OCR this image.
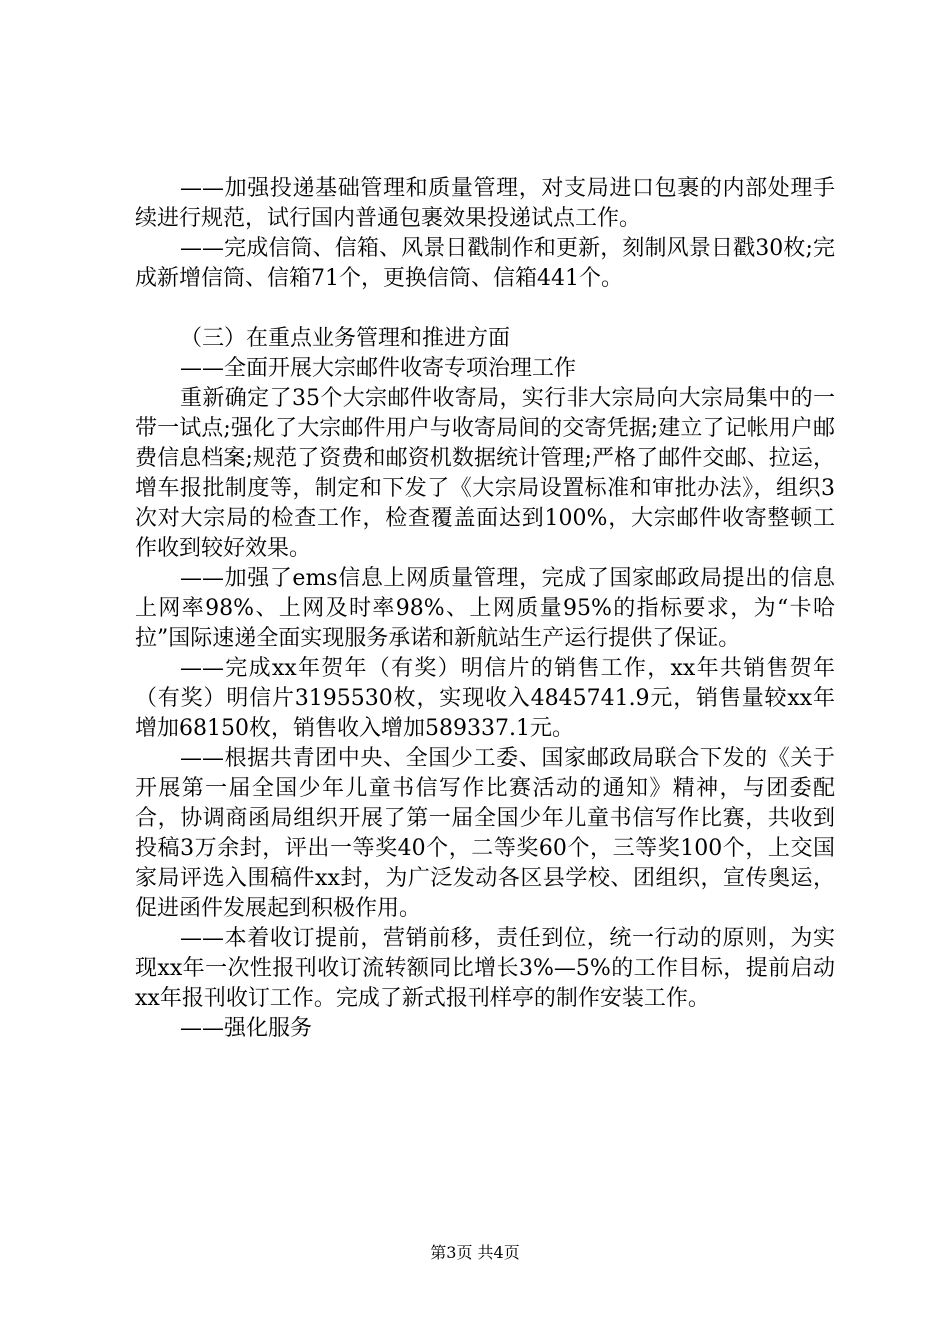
——加强投递基础管理和质量管理，对支局进口包裹的内部处理手续进行规范，试行国内普通包裹效果投递试点工作。

——完成信筒、信箱、风景日戳制作和更新，刻制风景日戳30枚;完成新增信筒、信箱71个，更换信筒、信箱441个。

（三）在重点业务管理和推进方面

——全面开展大宗邮件收寄专项治理工作

重新确定了35个大宗邮件收寄局，实行非大宗局向大宗局集中的一带一试点;强化了大宗邮件用户与收寄局间的交寄凭据;建立了记帐用户邮费信息档案;规范了资费和邮资机数据统计管理;严格了邮件交邮、拉运，增车报批制度等，制定和下发了《大宗局设置标准和审批办法》，组织3次对大宗局的检查工作，检查覆盖面达到100%，大宗邮件收寄整顿工作收到较好效果。

——加强了ems信息上网质量管理，完成了国家邮政局提出的信息上网率98%、上网及时率98%、上网质量95%的指标要求，为“卡哈拉”国际速递全面实现服务承诺和新航站生产运行提供了保证。

——完成xx年贺年（有奖）明信片的销售工作，xx年共销售贺年（有奖）明信片3195530枚，实现收入4845741.9元，销售量较xx年增加68150枚，销售收入增加589337.1元。

——根据共青团中央、全国少工委、国家邮政局联合下发的《关于开展第一届全国少年儿童书信写作比赛活动的通知》精神，与团委配合，协调商函局组织开展了第一届全国少年儿童书信写作比赛，共收到投稿3万余封，评出一等奖40个，二等奖60个，三等奖100个，上交国家局评选入围稿件xx封，为广泛发动各区县学校、团组织，宣传奥运，促进函件发展起到积极作用。

——本着收订提前，营销前移，责任到位，统一行动的原则，为实现xx年一次性报刊收订流转额同比增长3%—5%的工作目标，提前启动xx年报刊收订工作。完成了新式报刊样亭的制作安装工作。

——强化服务

第3页 共4页
